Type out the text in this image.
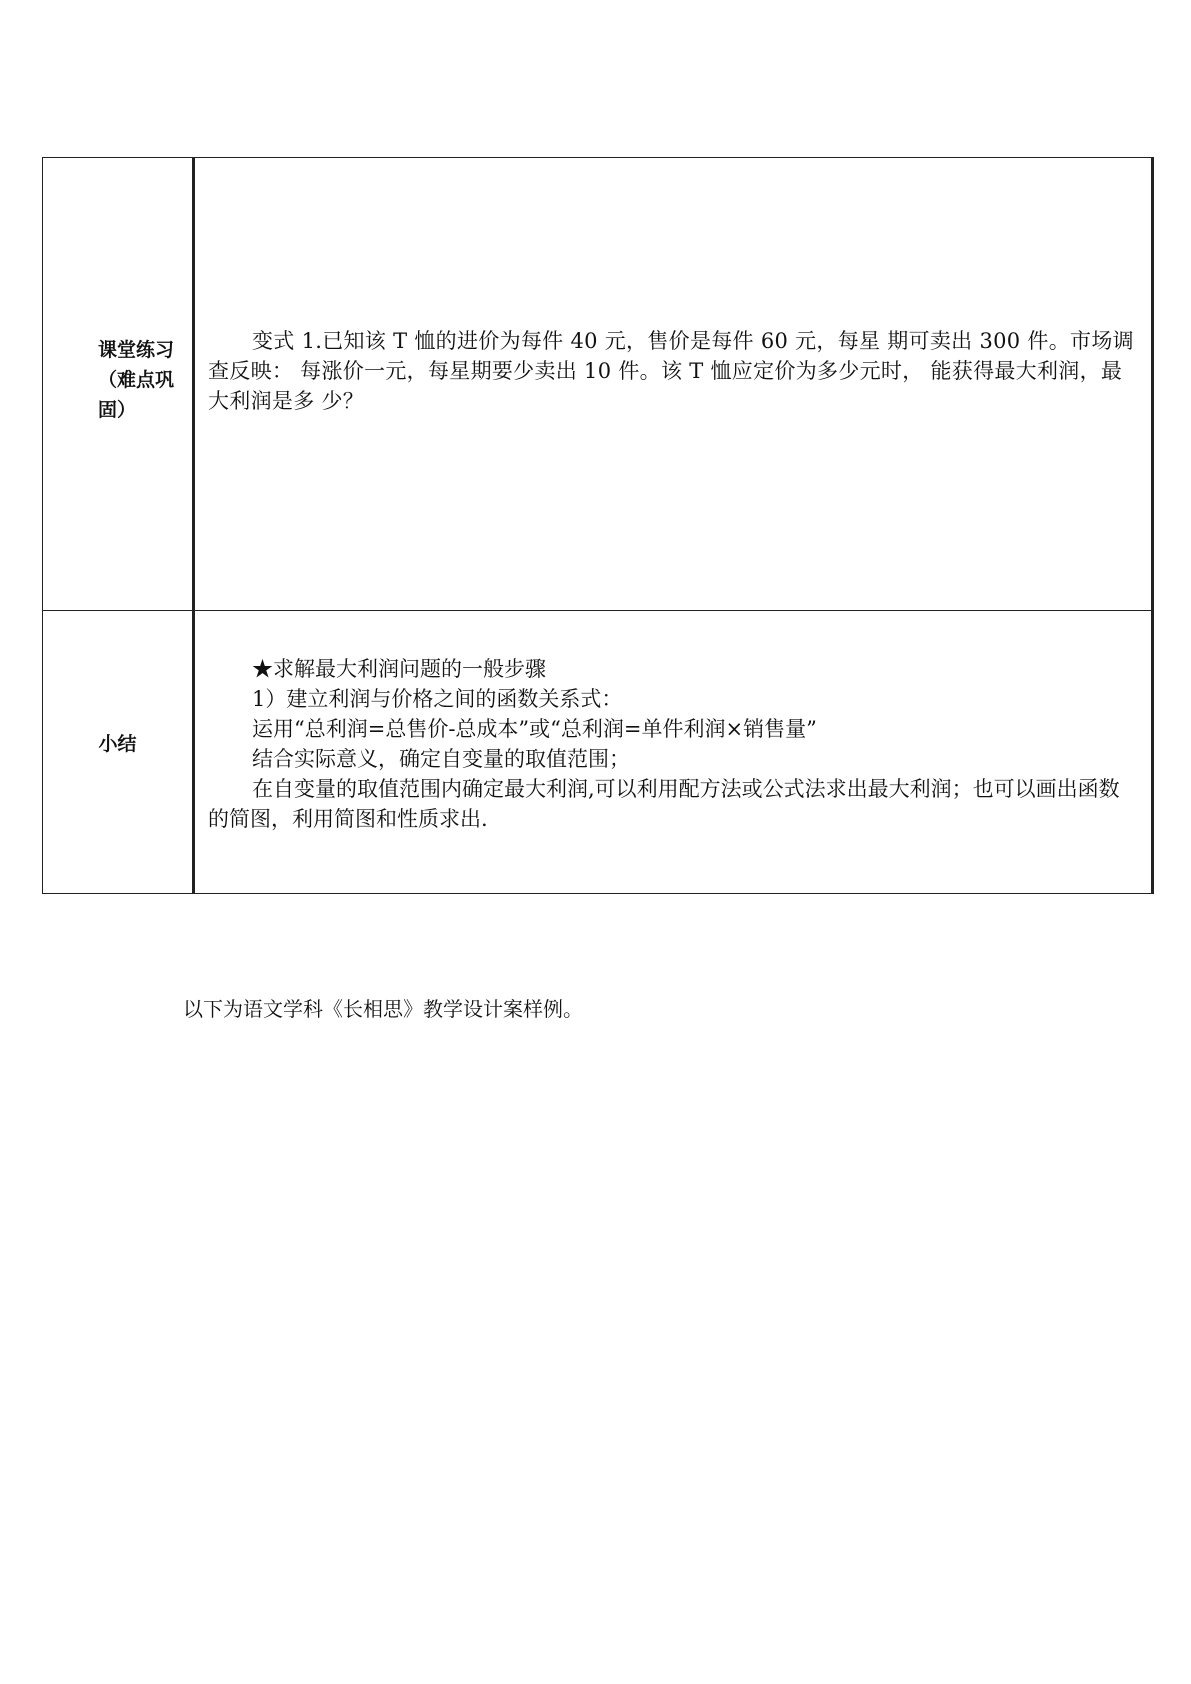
课堂练习（难点巩固）	变式 1.已知该 T 恤的进价为每件 40 元，售价是每件 60 元，每星 期可卖出 300 件。市场调查反映： 每涨价一元，每星期要少卖出 10 件。该 T 恤应定价为多少元时， 能获得最大利润，最大利润是多 少？

小结	★求解最大利润问题的一般步骤

1）建立利润与价格之间的函数关系式：

运用“总利润=总售价-总成本”或“总利润=单件利润×销售量”

结合实际意义，确定自变量的取值范围；

在自变量的取值范围内确定最大利润,可以利用配方法或公式法求出最大利润；也可以画出函数的简图，利用简图和性质求出.

以下为语文学科《长相思》教学设计案样例。
